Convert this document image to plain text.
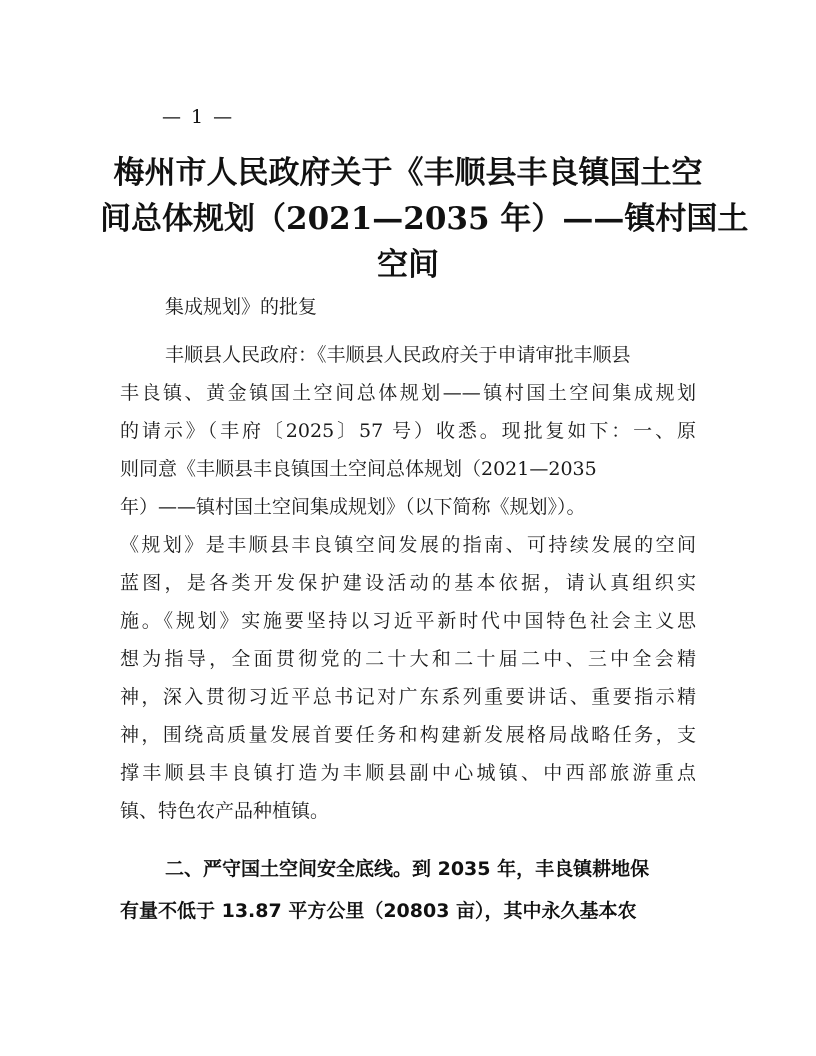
— 1 —
梅州市人民政府关于《丰顺县丰良镇国土空
间总体规划（2021—2035 年）——镇村国土
空间
集成规划》的批复
丰顺县人民政府：《丰顺县人民政府关于申请审批丰顺县
丰良镇、黄金镇国土空间总体规划——镇村国土空间集成规划
的请示》（丰府〔2025〕57 号）收悉。现批复如下：一、原
则同意《丰顺县丰良镇国土空间总体规划（2021—2035
年）——镇村国土空间集成规划》（以下简称《规划》）。
《规划》是丰顺县丰良镇空间发展的指南、可持续发展的空间
蓝图，是各类开发保护建设活动的基本依据，请认真组织实
施。《规划》实施要坚持以习近平新时代中国特色社会主义思
想为指导，全面贯彻党的二十大和二十届二中、三中全会精
神，深入贯彻习近平总书记对广东系列重要讲话、重要指示精
神，围绕高质量发展首要任务和构建新发展格局战略任务，支
撑丰顺县丰良镇打造为丰顺县副中心城镇、中西部旅游重点
镇、特色农产品种植镇。
二、严守国土空间安全底线。到 2035 年，丰良镇耕地保
有量不低于 13.87 平方公里（20803 亩），其中永久基本农
